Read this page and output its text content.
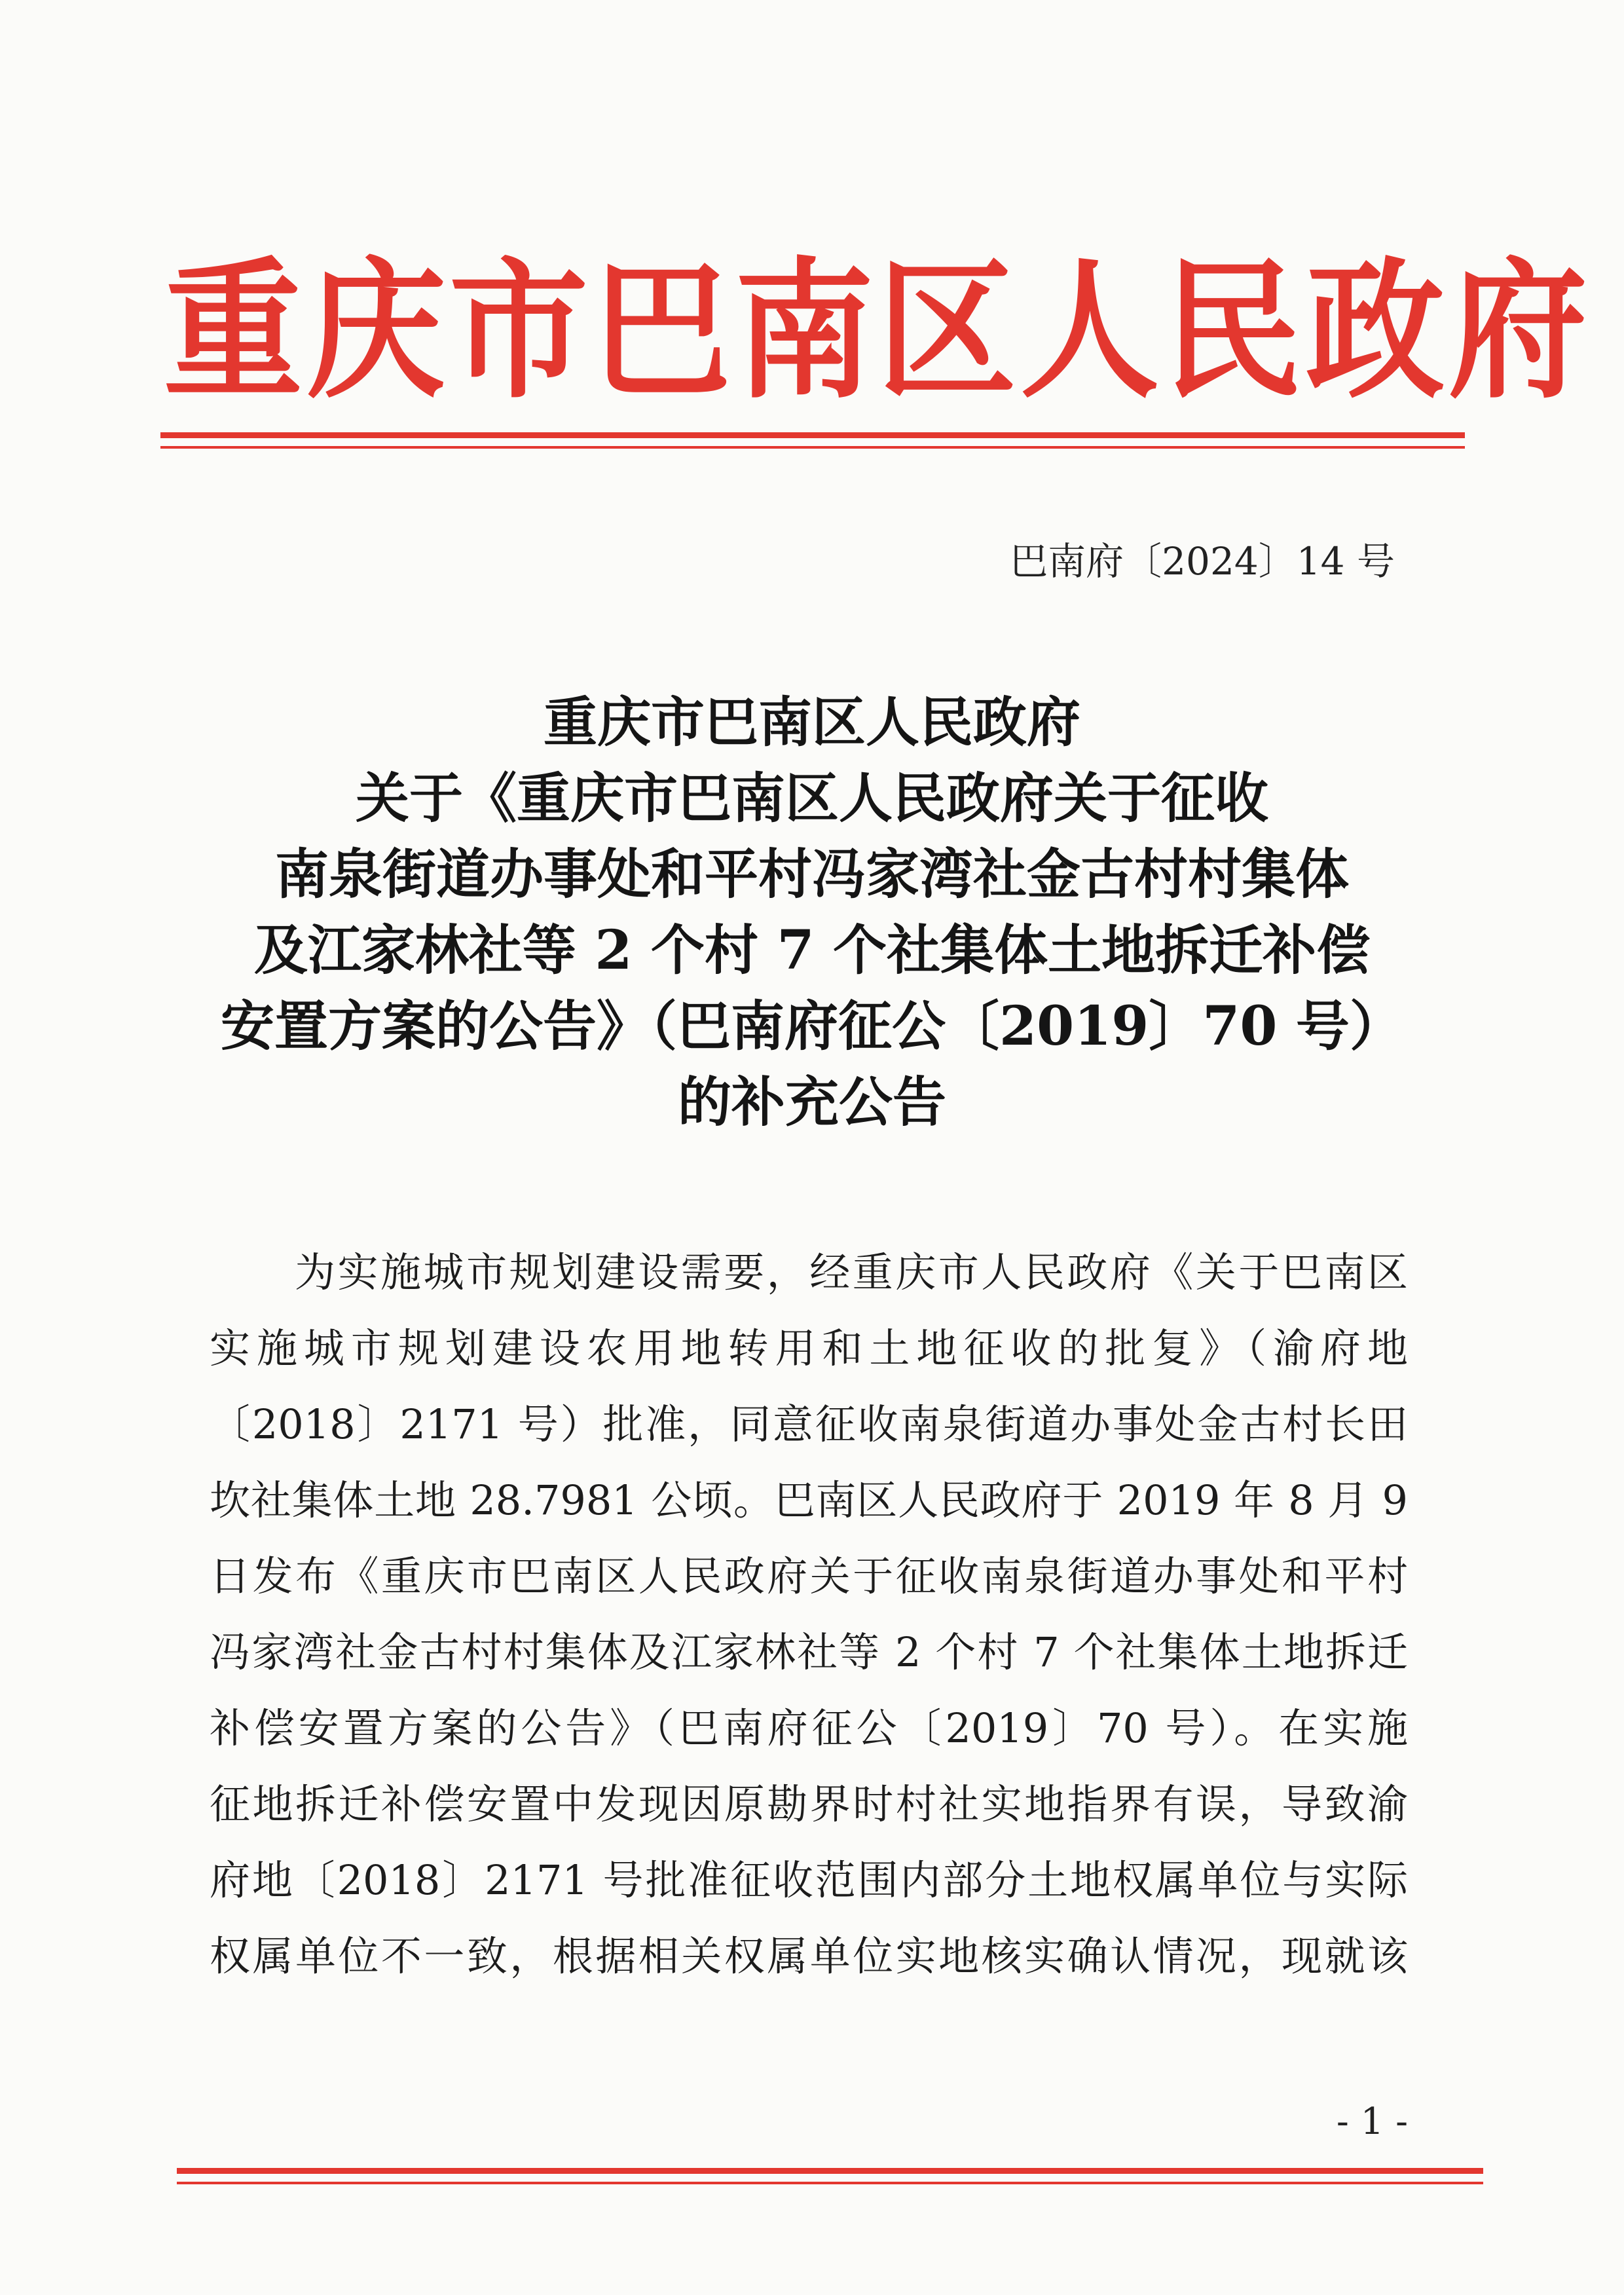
重庆市巴南区人民政府
巴南府〔2024〕14 号
重庆市巴南区人民政府
关于《重庆市巴南区人民政府关于征收
南泉街道办事处和平村冯家湾社金古村村集体
及江家林社等 2 个村 7 个社集体土地拆迁补偿
安置方案的公告》（巴南府征公〔2019〕70 号）
的补充公告
为实施城市规划建设需要，经重庆市人民政府《关于巴南区
实施城市规划建设农用地转用和土地征收的批复》（渝府地
〔2018〕2171 号）批准，同意征收南泉街道办事处金古村长田
坎社集体土地 28.7981 公顷。巴南区人民政府于 2019 年 8 月 9
日发布《重庆市巴南区人民政府关于征收南泉街道办事处和平村
冯家湾社金古村村集体及江家林社等 2 个村 7 个社集体土地拆迁
补偿安置方案的公告》（巴南府征公〔2019〕70 号）。在实施
征地拆迁补偿安置中发现因原勘界时村社实地指界有误，导致渝
府地〔2018〕2171 号批准征收范围内部分土地权属单位与实际
权属单位不一致，根据相关权属单位实地核实确认情况，现就该
- 1 -
